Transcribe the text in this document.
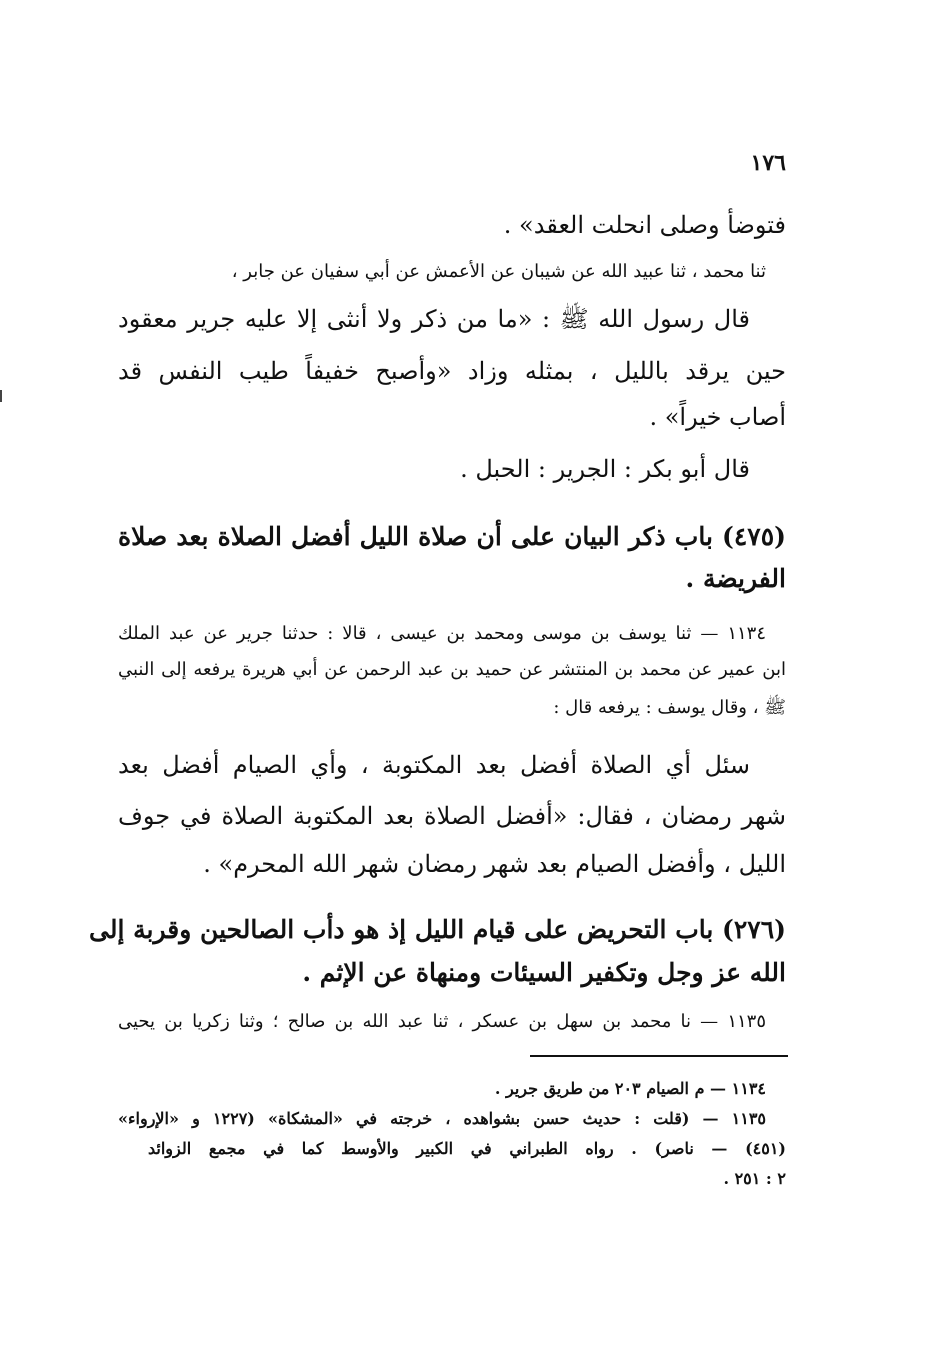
١٧٦
فتوضأ وصلى انحلت العقد» .
ثنا محمد ، ثنا عبيد الله عن شيبان عن الأعمش عن أبي سفيان عن جابر ،
قال رسول الله ﷺ : «ما من ذكر ولا أنثى إلا عليه جرير معقود
حين يرقد بالليل ، بمثله وزاد «وأصبح خفيفاً طيب النفس قد
أصاب خيراً» .
قال أبو بكر : الجرير : الحبل .
(٤٧٥) باب ذكر البيان على أن صلاة الليل أفضل الصلاة بعد صلاة
الفريضة .
١١٣٤ — ثنا يوسف بن موسى ومحمد بن عيسى ، قالا : حدثنا جرير عن عبد الملك
ابن عمير عن محمد بن المنتشر عن حميد بن عبد الرحمن عن أبي هريرة يرفعه إلى النبي
ﷺ ، وقال يوسف : يرفعه قال :
سئل أي الصلاة أفضل بعد المكتوبة ، وأي الصيام أفضل بعد
شهر رمضان ، فقال: «أفضل الصلاة بعد المكتوبة الصلاة في جوف
الليل ، وأفضل الصيام بعد شهر رمضان شهر الله المحرم» .
(٢٧٦) باب التحريض على قيام الليل إذ هو دأب الصالحين وقربة إلى
الله عز وجل وتكفير السيئات ومنهاة عن الإثم .
١١٣٥ — نا محمد بن سهل بن عسكر ، ثنا عبد الله بن صالح ؛ وثنا زكريا بن يحيى
١١٣٤ — م الصيام ٢٠٣ من طريق جرير .
١١٣٥ — (قلت : حديث حسن بشواهده ، خرجته في «المشكاة» (١٢٢٧ و «الإرواء»
(٤٥١) — ناصر) . رواه الطبراني في الكبير والأوسط كما في مجمع الزوائد
٢ : ٢٥١ .
